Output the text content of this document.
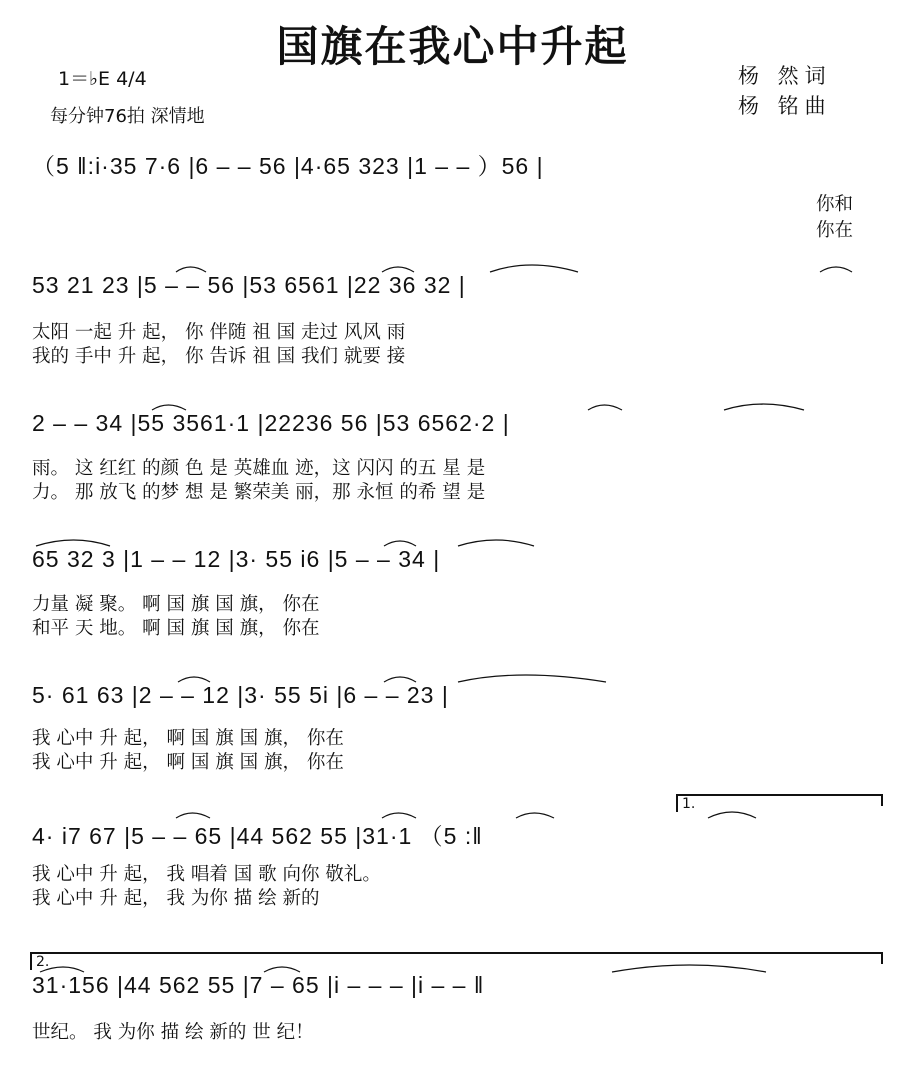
国旗在我心中升起
1＝♭E 4/4
每分钟76拍 深情地
杨 然词
杨 铭曲
（5 ‖:i·35 7·6 |6 – – 56 |4·65 323 |1 – – ）56 |
你和
你在
53 21 23 |5 – – 56 |53 6561 |22 36 32 |
太阳 一起 升 起， 你 伴随 祖 国 走过 风风 雨
我的 手中 升 起， 你 告诉 祖 国 我们 就要 接
2 – – 34 |55 3561·1 |22236 56 |53 6562·2 |
雨。 这 红红 的颜 色 是 英雄血 迹，这 闪闪 的五 星 是
力。 那 放飞 的梦 想 是 繁荣美 丽，那 永恒 的希 望 是
65 32 3 |1 – – 12 |3· 55 i6 |5 – – 34 |
力量 凝 聚。 啊 国 旗 国 旗， 你在
和平 天 地。 啊 国 旗 国 旗， 你在
5· 61 63 |2 – – 12 |3· 55 5i |6 – – 23 |
我 心中 升 起， 啊 国 旗 国 旗， 你在
我 心中 升 起， 啊 国 旗 国 旗， 你在
1.
4· i7 67 |5 – – 65 |44 562 55 |31·1 （5 :‖
我 心中 升 起， 我 唱着 国 歌 向你 敬礼。
我 心中 升 起， 我 为你 描 绘 新的
2.
31·156 |44 562 55 |7 – 65 |i – – – |i – – ‖
世纪。 我 为你 描 绘 新的 世 纪！
